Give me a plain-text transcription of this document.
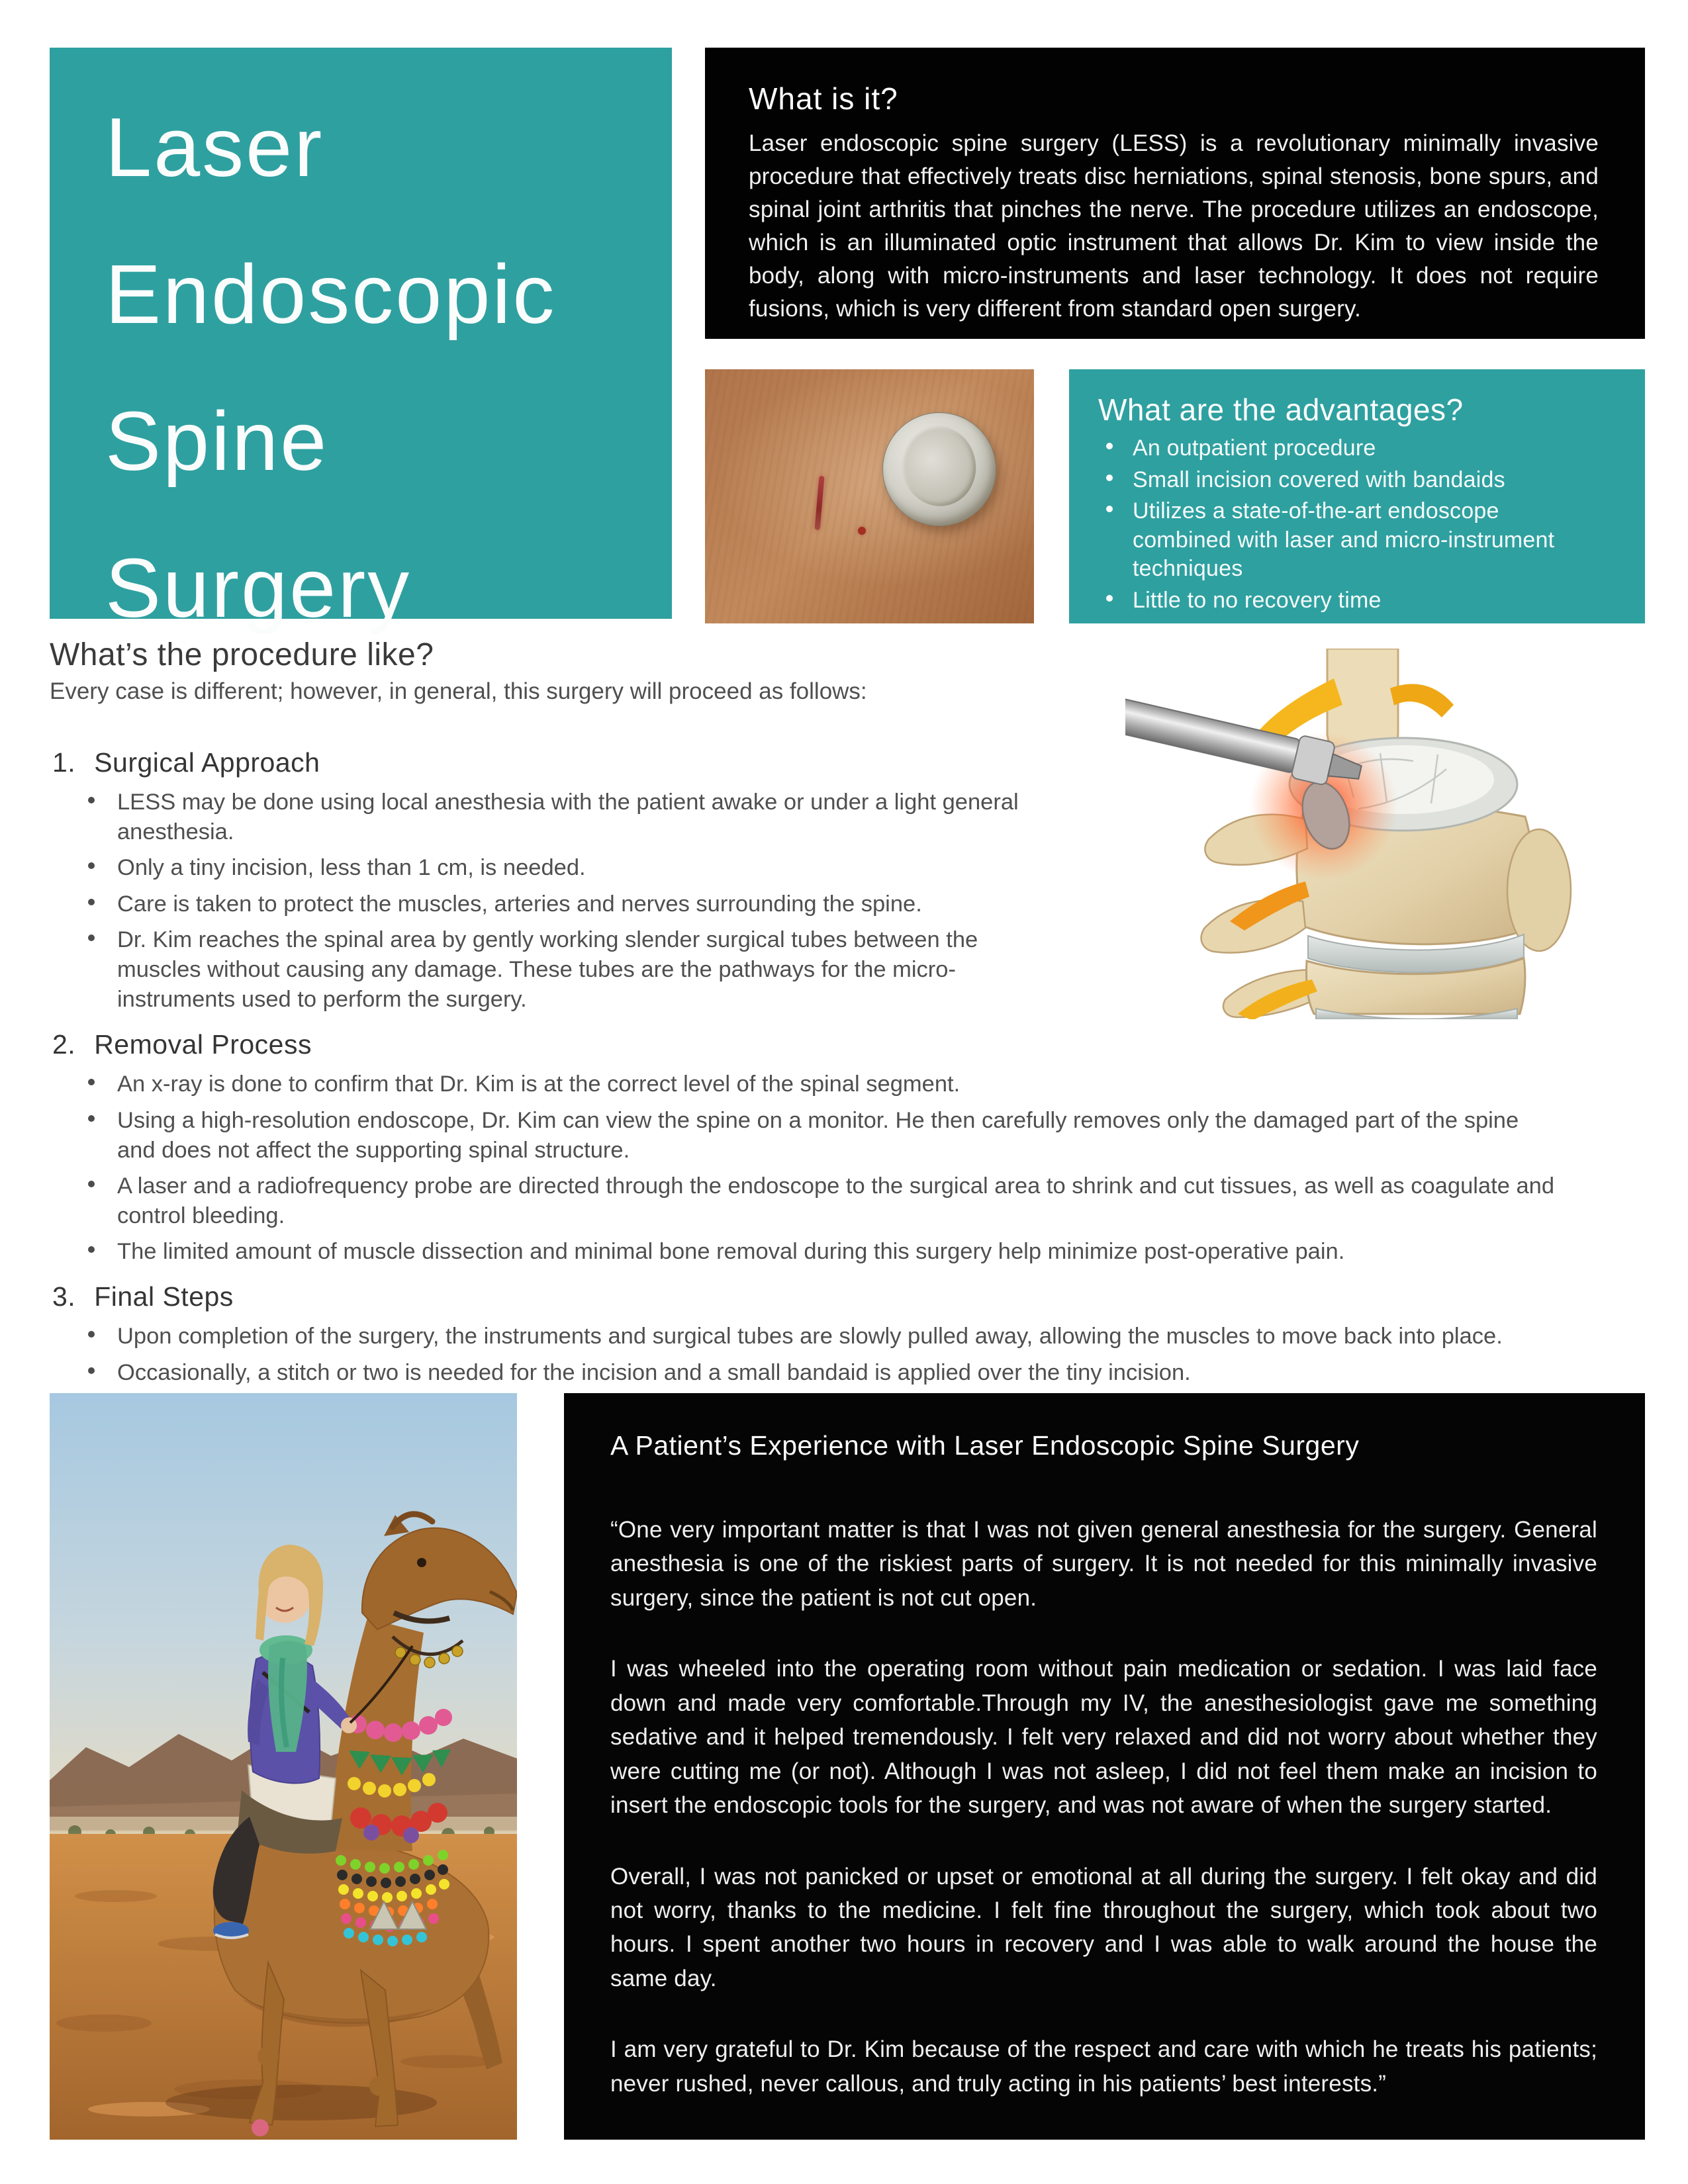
Laser
Endoscopic
Spine
Surgery
What is it?

Laser endoscopic spine surgery (LESS) is a revolutionary minimally invasive procedure that effectively treats disc herniations, spinal stenosis, bone spurs, and spinal joint arthritis that pinches the nerve. The procedure utilizes an endoscope, which is an illuminated optic instrument that allows Dr. Kim to view inside the body, along with micro-instruments and laser technology. It does not require fusions, which is very different from standard open surgery.

What are the advantages?
An outpatient procedure
Small incision covered with bandaids
Utilizes a state-of-the-art endoscope combined with laser and micro-instrument techniques
Little to no recovery time
What’s the procedure like?
Every case is different; however, in general, this surgery will proceed as follows:
1. Surgical Approach
LESS may be done using local anesthesia with the patient awake or under a light general anesthesia.
Only a tiny incision, less than 1 cm, is needed.
Care is taken to protect the muscles, arteries and nerves surrounding the spine.
Dr. Kim reaches the spinal area by gently working slender surgical tubes between the muscles without causing any damage. These tubes are the pathways for the micro-instruments used to perform the surgery.
2. Removal Process
An x-ray is done to confirm that Dr. Kim is at the correct level of the spinal segment.
Using a high-resolution endoscope, Dr. Kim can view the spine on a monitor. He then carefully removes only the damaged part of the spine and does not affect the supporting spinal structure.
A laser and a radiofrequency probe are directed through the endoscope to the surgical area to shrink and cut tissues, as well as coagulate and control bleeding.
The limited amount of muscle dissection and minimal bone removal during this surgery help minimize post-operative pain.
3. Final Steps
Upon completion of the surgery, the instruments and surgical tubes are slowly pulled away, allowing the muscles to move back into place.
Occasionally, a stitch or two is needed for the incision and a small bandaid is applied over the tiny incision.
A Patient’s Experience with Laser Endoscopic Spine Surgery

“One very important matter is that I was not given general anesthesia for the surgery. General anesthesia is one of the riskiest parts of surgery. It is not needed for this minimally invasive surgery, since the patient is not cut open.

I was wheeled into the operating room without pain medication or sedation. I was laid face down and made very comfortable.Through my IV, the anesthesiologist gave me something sedative and it helped tremendously. I felt very relaxed and did not worry about whether they were cutting me (or not). Although I was not asleep, I did not feel them make an incision to insert the endoscopic tools for the surgery, and was not aware of when the surgery started.

Overall, I was not panicked or upset or emotional at all during the surgery. I felt okay and did not worry, thanks to the medicine. I felt fine throughout the surgery, which took about two hours. I spent another two hours in recovery and I was able to walk around the house the same day.

I am very grateful to Dr. Kim because of the respect and care with which he treats his patients; never rushed, never callous, and truly acting in his patients’ best interests.”
